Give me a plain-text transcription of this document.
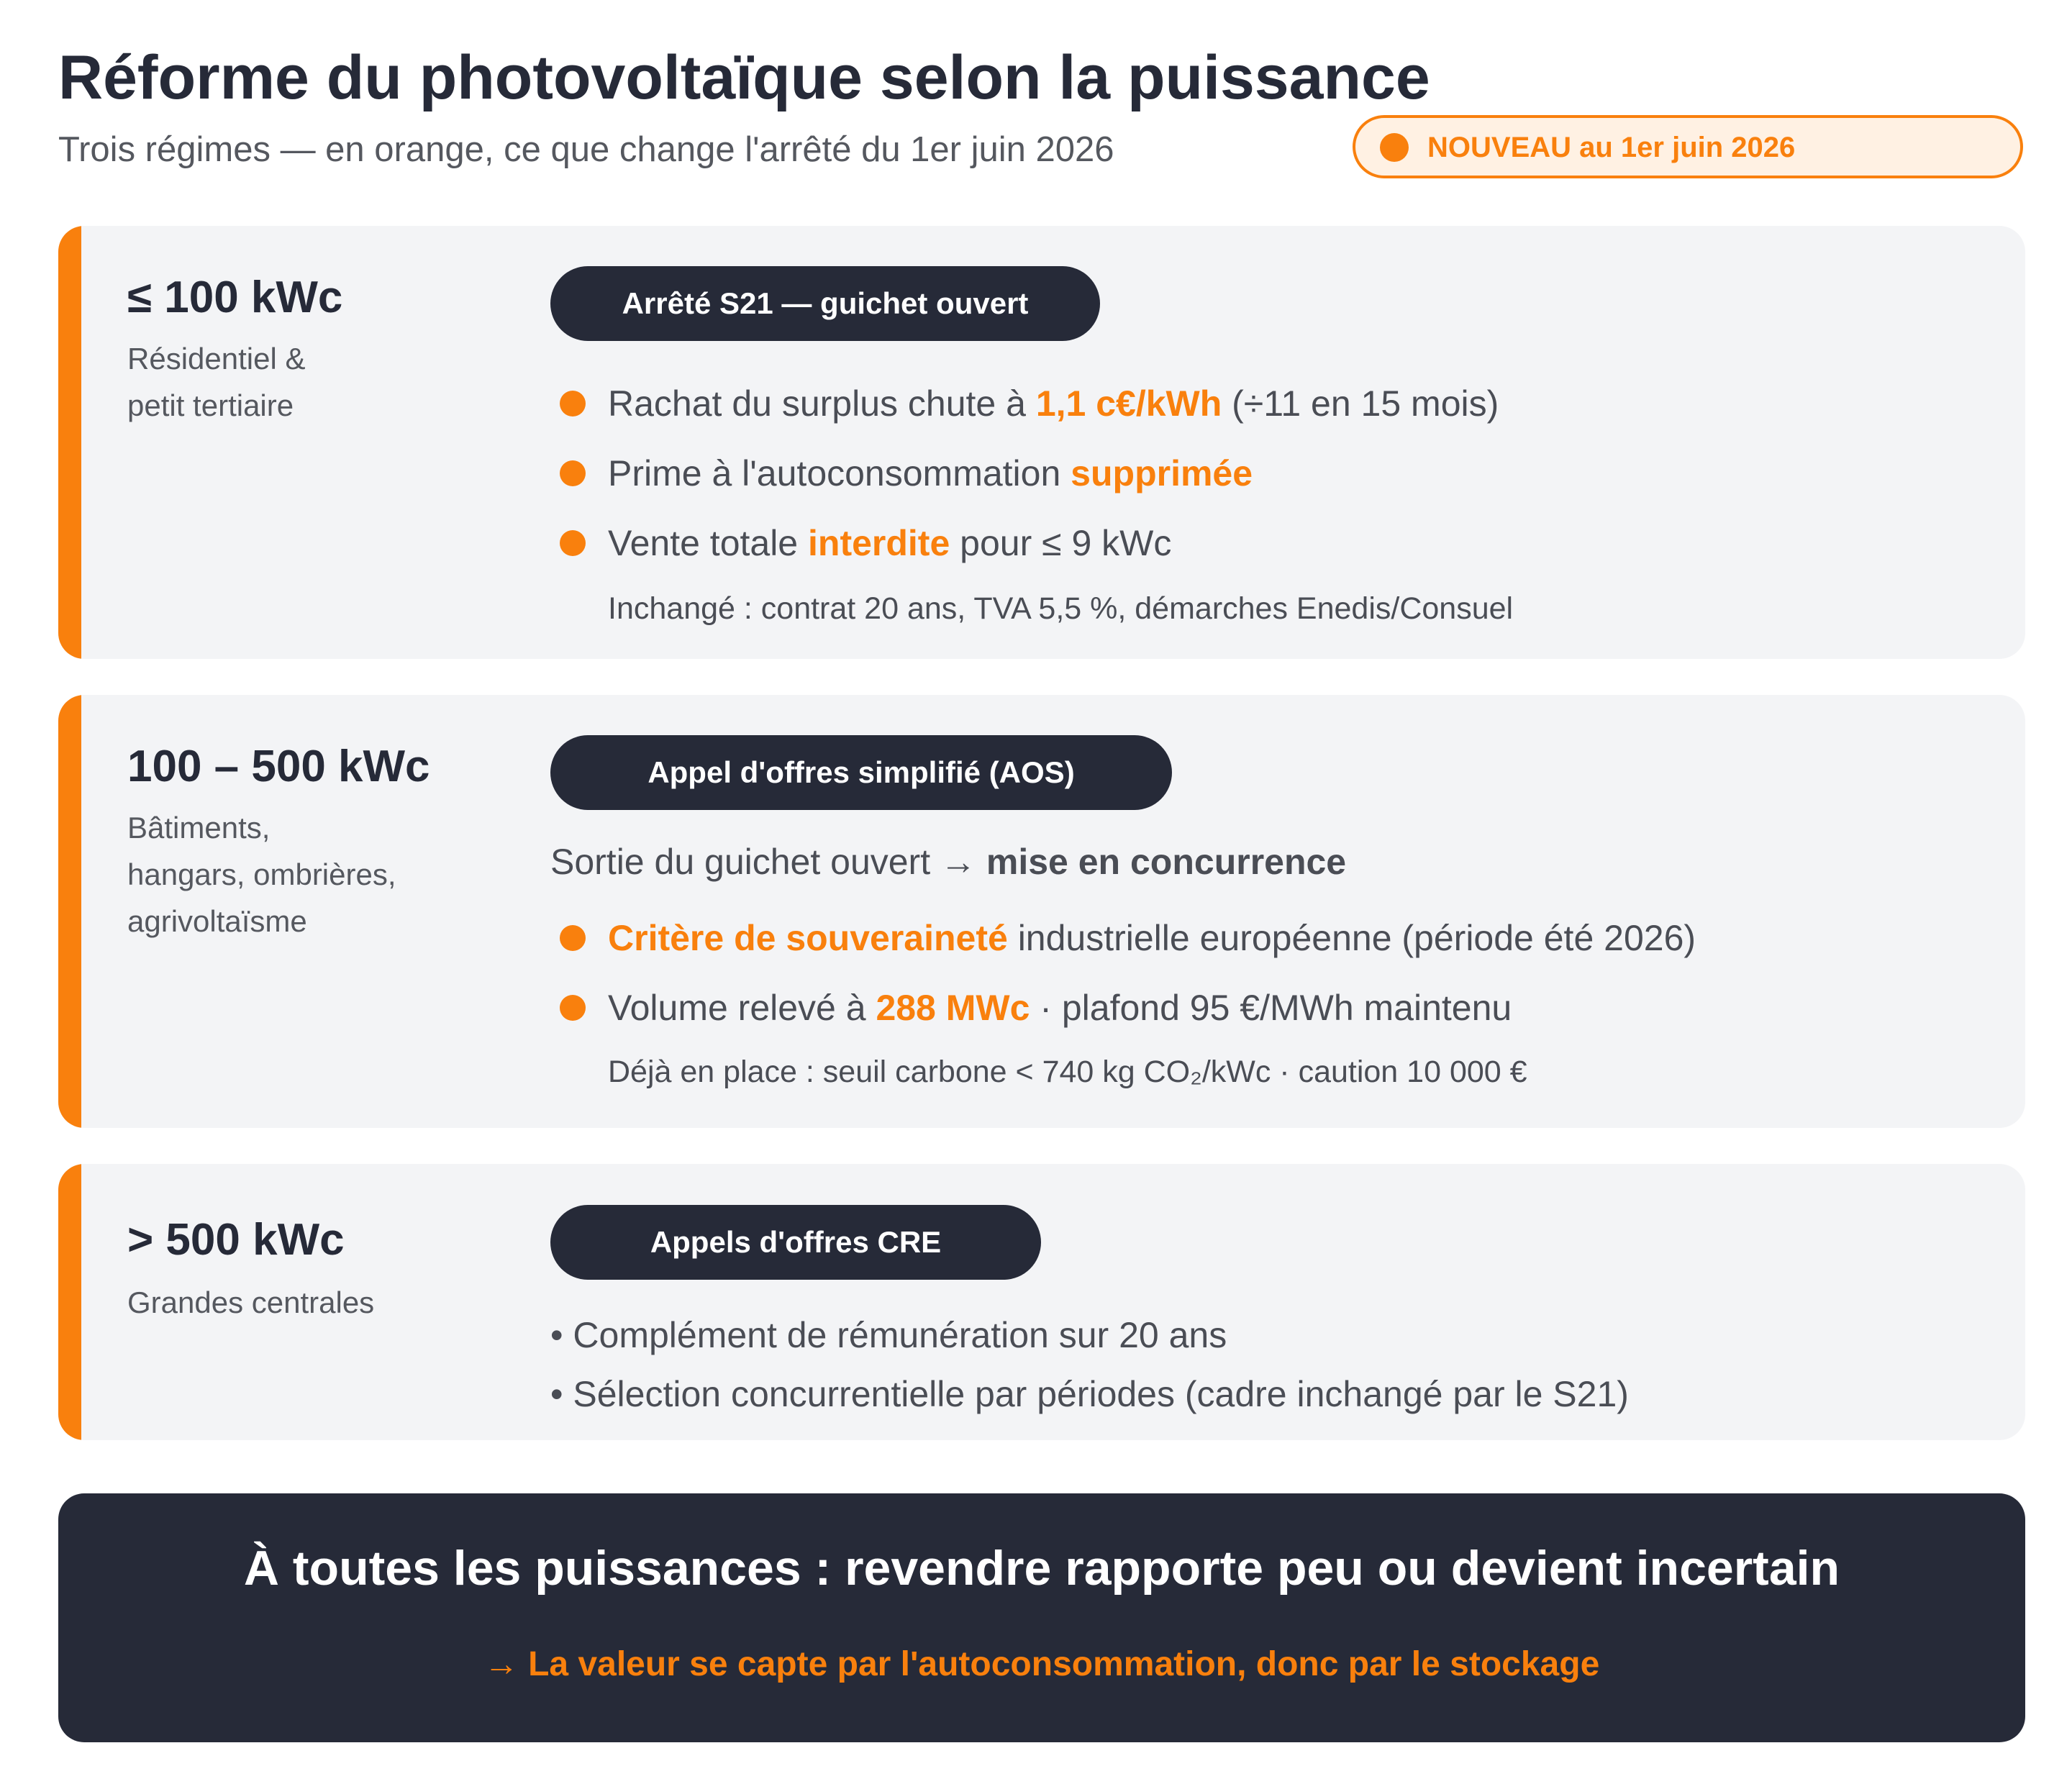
Réforme du photovoltaïque selon la puissance
Trois régimes — en orange, ce que change l'arrêté du 1er juin 2026	NOUVEAU au 1er juin 2026
≤ 100 kWc
Résidentiel &
petit tertiaire
Arrêté S21 — guichet ouvert
Rachat du surplus chute à 1,1 c€/kWh (÷11 en 15 mois)
Prime à l'autoconsommation supprimée
Vente totale interdite pour ≤ 9 kWc
Inchangé : contrat 20 ans, TVA 5,5 %, démarches Enedis/Consuel
100 – 500 kWc
Bâtiments,
hangars, ombrières,
agrivoltaïsme
Appel d'offres simplifié (AOS)
Sortie du guichet ouvert → mise en concurrence
Critère de souveraineté industrielle européenne (période été 2026)
Volume relevé à 288 MWc · plafond 95 €/MWh maintenu
Déjà en place : seuil carbone < 740 kg CO₂/kWc · caution 10 000 €
> 500 kWc
Grandes centrales
Appels d'offres CRE
• Complément de rémunération sur 20 ans
• Sélection concurrentielle par périodes (cadre inchangé par le S21)
À toutes les puissances : revendre rapporte peu ou devient incertain
→ La valeur se capte par l'autoconsommation, donc par le stockage
